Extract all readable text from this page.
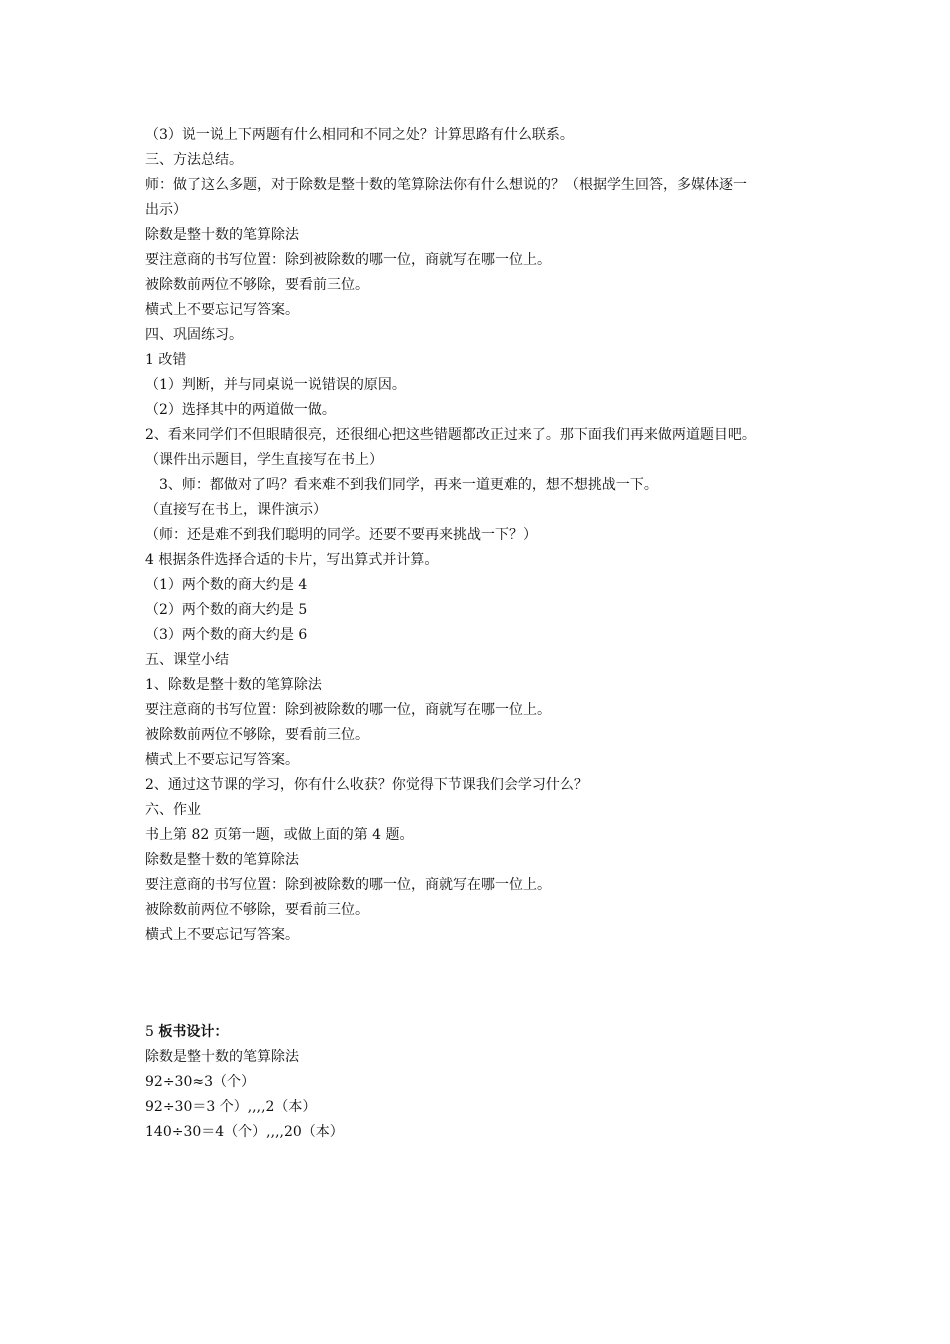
（3）说一说上下两题有什么相同和不同之处？计算思路有什么联系。
三、方法总结。
师：做了这么多题，对于除数是整十数的笔算除法你有什么想说的？（根据学生回答，多媒体逐一
出示）
除数是整十数的笔算除法
要注意商的书写位置：除到被除数的哪一位，商就写在哪一位上。
被除数前两位不够除，要看前三位。
横式上不要忘记写答案。
四、巩固练习。
1 改错
（1）判断，并与同桌说一说错误的原因。
（2）选择其中的两道做一做。
2、看来同学们不但眼睛很亮，还很细心把这些错题都改正过来了。那下面我们再来做两道题目吧。
（课件出示题目，学生直接写在书上）
3、师：都做对了吗？看来难不到我们同学，再来一道更难的，想不想挑战一下。
（直接写在书上，课件演示）
（师：还是难不到我们聪明的同学。还要不要再来挑战一下？）
4 根据条件选择合适的卡片，写出算式并计算。
（1）两个数的商大约是 4
（2）两个数的商大约是 5
（3）两个数的商大约是 6
五、课堂小结
1、除数是整十数的笔算除法
要注意商的书写位置：除到被除数的哪一位，商就写在哪一位上。
被除数前两位不够除，要看前三位。
横式上不要忘记写答案。
2、通过这节课的学习，你有什么收获？你觉得下节课我们会学习什么？
六、作业
书上第 82 页第一题，或做上面的第 4 题。
除数是整十数的笔算除法
要注意商的书写位置：除到被除数的哪一位，商就写在哪一位上。
被除数前两位不够除，要看前三位。
横式上不要忘记写答案。
5 板书设计：
除数是整十数的笔算除法
92÷30≈3（个）
92÷30＝3 个）,,,,2（本）
140÷30＝4（个）,,,,20（本）
